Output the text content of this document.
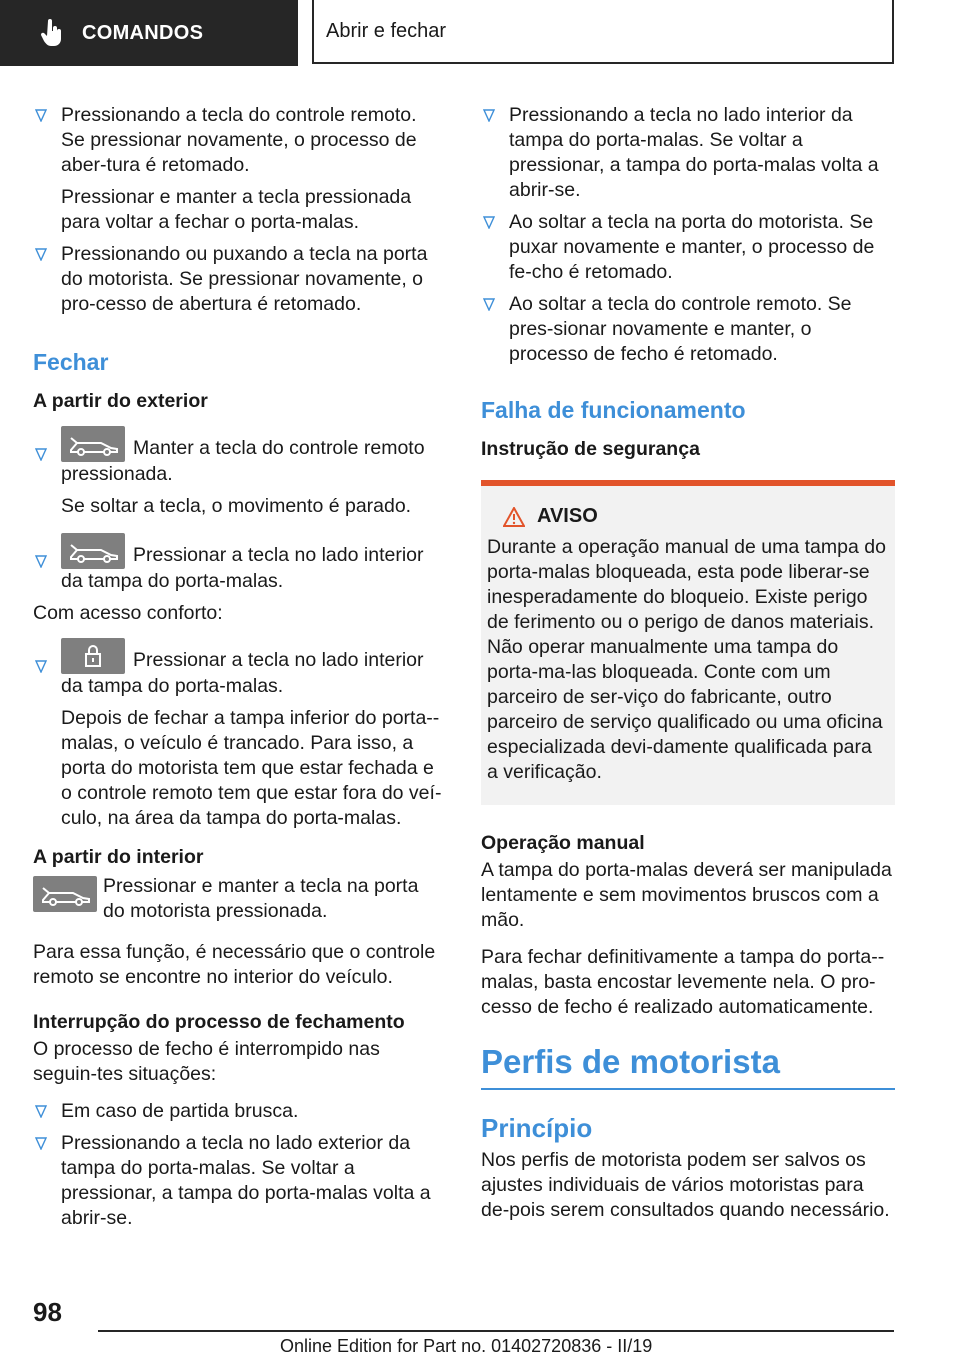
COMANDOS	Abrir e fechar

Pressionando a tecla do controle remoto. Se pressionar novamente, o processo de aber-tura é retomado.

Pressionar e manter a tecla pressionada para voltar a fechar o porta-malas.

Pressionando ou puxando a tecla na porta do motorista. Se pressionar novamente, o pro-cesso de abertura é retomado.

Fechar
A partir do exterior

Manter a tecla do controle remoto pressionada.

Se soltar a tecla, o movimento é parado.

Pressionar a tecla no lado interior da tampa do porta-malas.

Com acesso conforto:

Pressionar a tecla no lado interior da tampa do porta-malas.

Depois de fechar a tampa inferior do porta--malas, o veículo é trancado. Para isso, a porta do motorista tem que estar fechada e o controle remoto tem que estar fora do veí-culo, na área da tampa do porta-malas.

A partir do interior

Pressionar e manter a tecla na porta do motorista pressionada.

Para essa função, é necessário que o controle remoto se encontre no interior do veículo.

Interrupção do processo de fechamento

O processo de fecho é interrompido nas seguin-tes situações:

Em caso de partida brusca.

Pressionando a tecla no lado exterior da tampa do porta-malas. Se voltar a pressionar, a tampa do porta-malas volta a abrir-se.

Pressionando a tecla no lado interior da tampa do porta-malas. Se voltar a pressionar, a tampa do porta-malas volta a abrir-se.

Ao soltar a tecla na porta do motorista. Se puxar novamente e manter, o processo de fe-cho é retomado.

Ao soltar a tecla do controle remoto. Se pres-sionar novamente e manter, o processo de fecho é retomado.

Falha de funcionamento
Instrução de segurança
AVISO

Durante a operação manual de uma tampa do porta-malas bloqueada, esta pode liberar-se inesperadamente do bloqueio. Existe perigo de ferimento ou o perigo de danos materiais. Não operar manualmente uma tampa do porta-ma-las bloqueada. Conte com um parceiro de ser-viço do fabricante, outro parceiro de serviço qualificado ou uma oficina especializada devi-damente qualificada para a verificação.

Operação manual

A tampa do porta-malas deverá ser manipulada lentamente e sem movimentos bruscos com a mão.

Para fechar definitivamente a tampa do porta--malas, basta encostar levemente nela. O pro-cesso de fecho é realizado automaticamente.

Perfis de motorista
Princípio

Nos perfis de motorista podem ser salvos os ajustes individuais de vários motoristas para de-pois serem consultados quando necessário.

98
Online Edition for Part no. 01402720836 - II/19
